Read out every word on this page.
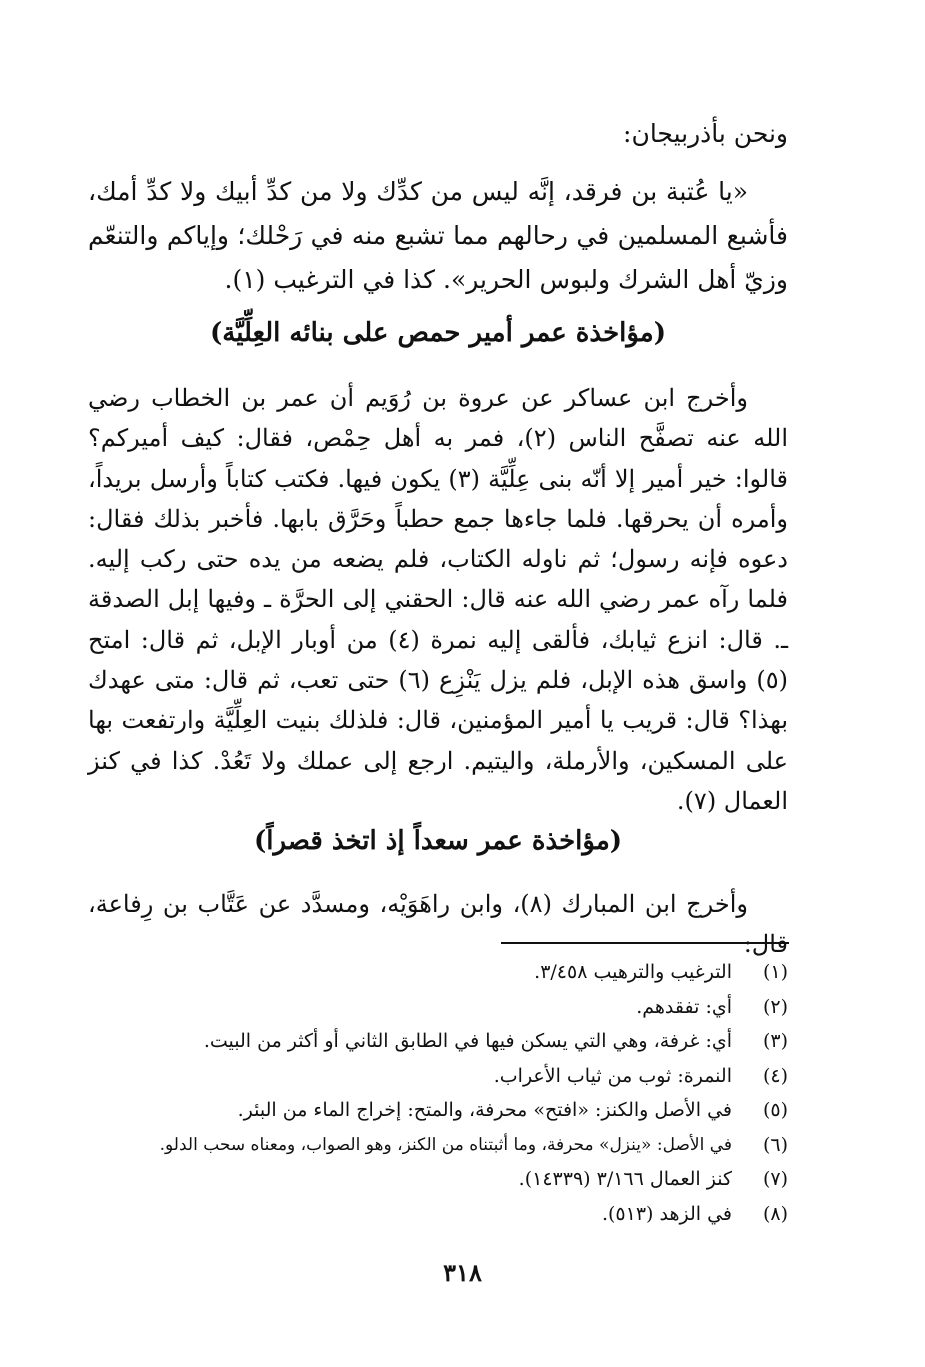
ونحن بأذربيجان:

«يا عُتبة بن فرقد، إنَّه ليس من كدِّك ولا من كدِّ أبيك ولا كدِّ أمك، فأشبع المسلمين في رحالهم مما تشبع منه في رَحْلك؛ وإياكم والتنعّم وزيّ أهل الشرك ولبوس الحرير». كذا في الترغيب (١).

(مؤاخذة عمر أمير حمص على بنائه العِلِّيَّة)

وأخرج ابن عساكر عن عروة بن رُوَيم أن عمر بن الخطاب رضي الله عنه تصفَّح الناس (٢)، فمر به أهل حِمْص، فقال: كيف أميركم؟ قالوا: خير أمير إلا أنّه بنى عِلِّيَّة (٣) يكون فيها. فكتب كتاباً وأرسل بريداً، وأمره أن يحرقها. فلما جاءها جمع حطباً وحَرَّق بابها. فأخبر بذلك فقال: دعوه فإنه رسول؛ ثم ناوله الكتاب، فلم يضعه من يده حتى ركب إليه. فلما رآه عمر رضي الله عنه قال: الحقني إلى الحرَّة ـ وفيها إبل الصدقة ـ. قال: انزع ثيابك، فألقى إليه نمرة (٤) من أوبار الإبل، ثم قال: امتح (٥) واسق هذه الإبل، فلم يزل يَنْزِع (٦) حتى تعب، ثم قال: متى عهدك بهذا؟ قال: قريب يا أمير المؤمنين، قال: فلذلك بنيت العِلِّيَّة وارتفعت بها على المسكين، والأرملة، واليتيم. ارجع إلى عملك ولا تَعُدْ. كذا في كنز العمال (٧).

(مؤاخذة عمر سعداً إذ اتخذ قصراً)

وأخرج ابن المبارك (٨)، وابن راهَوَيْه، ومسدَّد عن عَتَّاب بن رِفاعة، قال:

(١)
الترغيب والترهيب ٣/٤٥٨.
(٢)
أي: تفقدهم.
(٣)
أي: غرفة، وهي التي يسكن فيها في الطابق الثاني أو أكثر من البيت.
(٤)
النمرة: ثوب من ثياب الأعراب.
(٥)
في الأصل والكنز: «افتح» محرفة، والمتح: إخراج الماء من البئر.
(٦)
في الأصل: «ينزل» محرفة، وما أثبتناه من الكنز، وهو الصواب، ومعناه سحب الدلو.
(٧)
كنز العمال ٣/١٦٦ (١٤٣٣٩).
(٨)
في الزهد (٥١٣).
٣١٨
